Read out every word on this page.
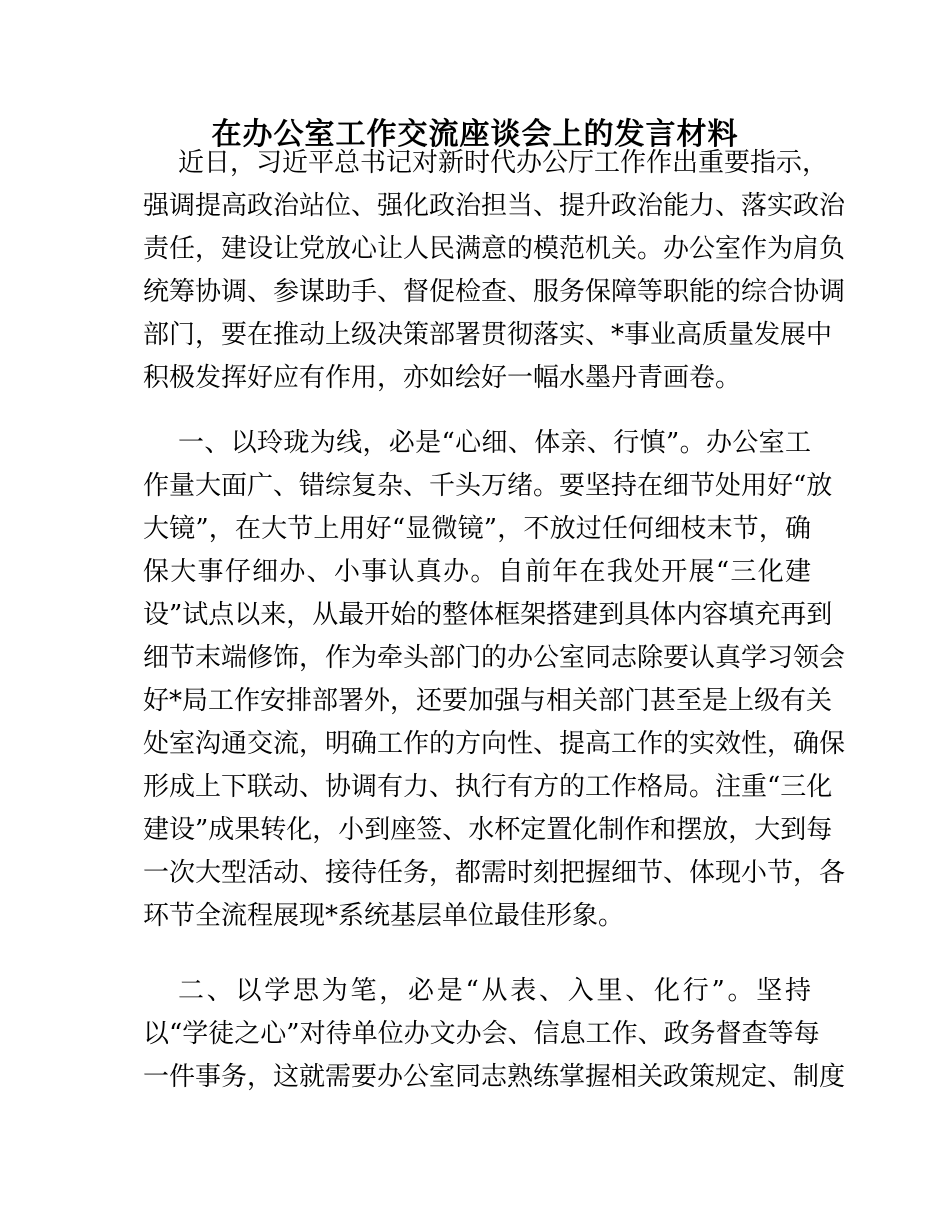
在办公室工作交流座谈会上的发言材料
近日，习近平总书记对新时代办公厅工作作出重要指示，
强调提高政治站位、强化政治担当、提升政治能力、落实政治
责任，建设让党放心让人民满意的模范机关。办公室作为肩负
统筹协调、参谋助手、督促检查、服务保障等职能的综合协调
部门，要在推动上级决策部署贯彻落实、*事业高质量发展中
积极发挥好应有作用，亦如绘好一幅水墨丹青画卷。
一、以玲珑为线，必是“心细、体亲、行慎”。办公室工
作量大面广、错综复杂、千头万绪。要坚持在细节处用好“放
大镜”，在大节上用好“显微镜”，不放过任何细枝末节，确
保大事仔细办、小事认真办。自前年在我处开展“三化建
设”试点以来，从最开始的整体框架搭建到具体内容填充再到
细节末端修饰，作为牵头部门的办公室同志除要认真学习领会
好*局工作安排部署外，还要加强与相关部门甚至是上级有关
处室沟通交流，明确工作的方向性、提高工作的实效性，确保
形成上下联动、协调有力、执行有方的工作格局。注重“三化
建设”成果转化，小到座签、水杯定置化制作和摆放，大到每
一次大型活动、接待任务，都需时刻把握细节、体现小节，各
环节全流程展现*系统基层单位最佳形象。
二、以学思为笔，必是“从表、入里、化行”。坚持
以“学徒之心”对待单位办文办会、信息工作、政务督查等每
一件事务，这就需要办公室同志熟练掌握相关政策规定、制度
